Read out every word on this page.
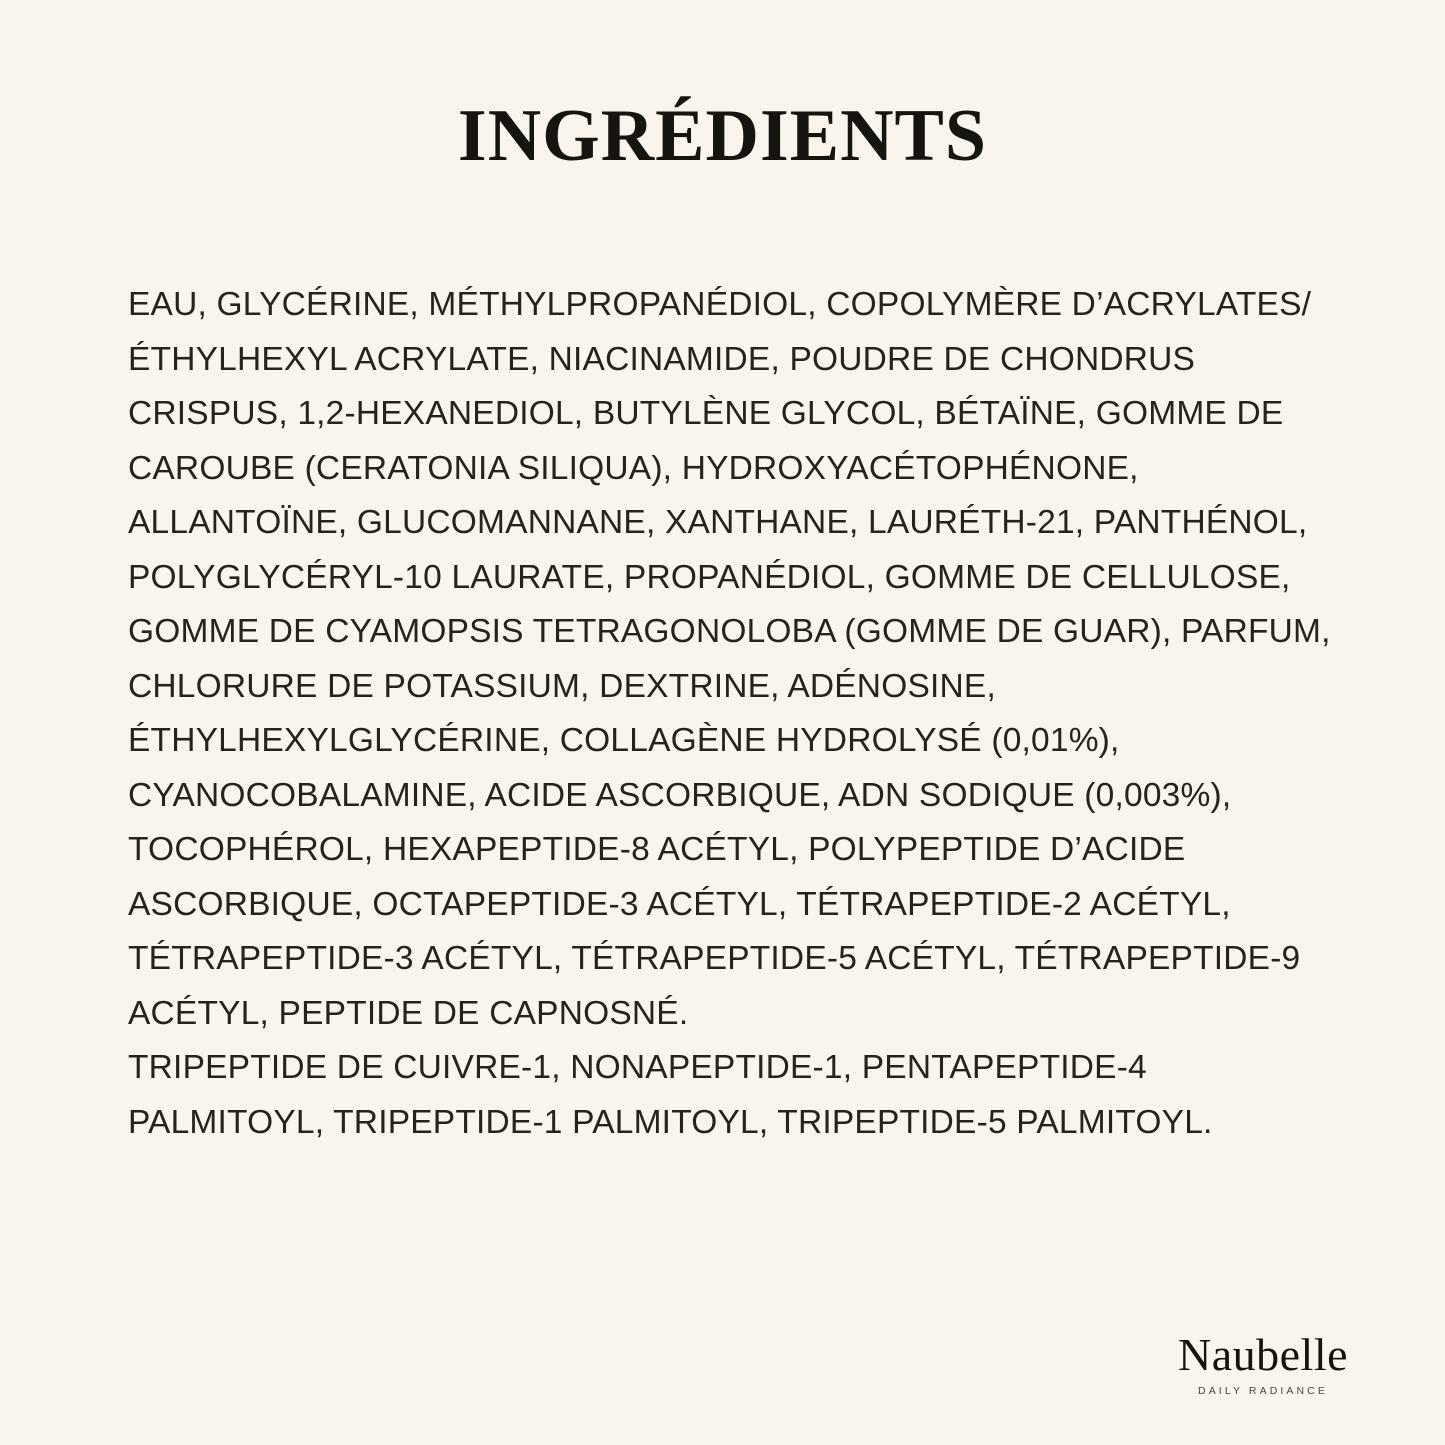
INGRÉDIENTS

EAU, GLYCÉRINE, MÉTHYLPROPANÉDIOL, COPOLYMÈRE D’ACRYLATES/ÉTHYLHEXYL ACRYLATE, NIACINAMIDE, POUDRE DE CHONDRUS CRISPUS, 1,2-HEXANEDIOL, BUTYLÈNE GLYCOL, BÉTAÏNE, GOMME DE CAROUBE (CERATONIA SILIQUA), HYDROXYACÉTOPHÉNONE, ALLANTOÏNE, GLUCOMANNANE, XANTHANE, LAURÉTH-21, PANTHÉNOL, POLYGLYCÉRYL-10 LAURATE, PROPANÉDIOL, GOMME DE CELLULOSE, GOMME DE CYAMOPSIS TETRAGONOLOBA (GOMME DE GUAR), PARFUM, CHLORURE DE POTASSIUM, DEXTRINE, ADÉNOSINE, ÉTHYLHEXYLGLYCÉRINE, COLLAGÈNE HYDROLYSÉ (0,01%), CYANOCOBALAMINE, ACIDE ASCORBIQUE, ADN SODIQUE (0,003%), TOCOPHÉROL, HEXAPEPTIDE-8 ACÉTYL, POLYPEPTIDE D’ACIDE ASCORBIQUE, OCTAPEPTIDE-3 ACÉTYL, TÉTRAPEPTIDE-2 ACÉTYL, TÉTRAPEPTIDE-3 ACÉTYL, TÉTRAPEPTIDE-5 ACÉTYL, TÉTRAPEPTIDE-9 ACÉTYL, PEPTIDE DE CAPNOSNÉ.

TRIPEPTIDE DE CUIVRE-1, NONAPEPTIDE-1, PENTAPEPTIDE-4 PALMITOYL, TRIPEPTIDE-1 PALMITOYL, TRIPEPTIDE-5 PALMITOYL.

Naubelle
DAILY RADIANCE
